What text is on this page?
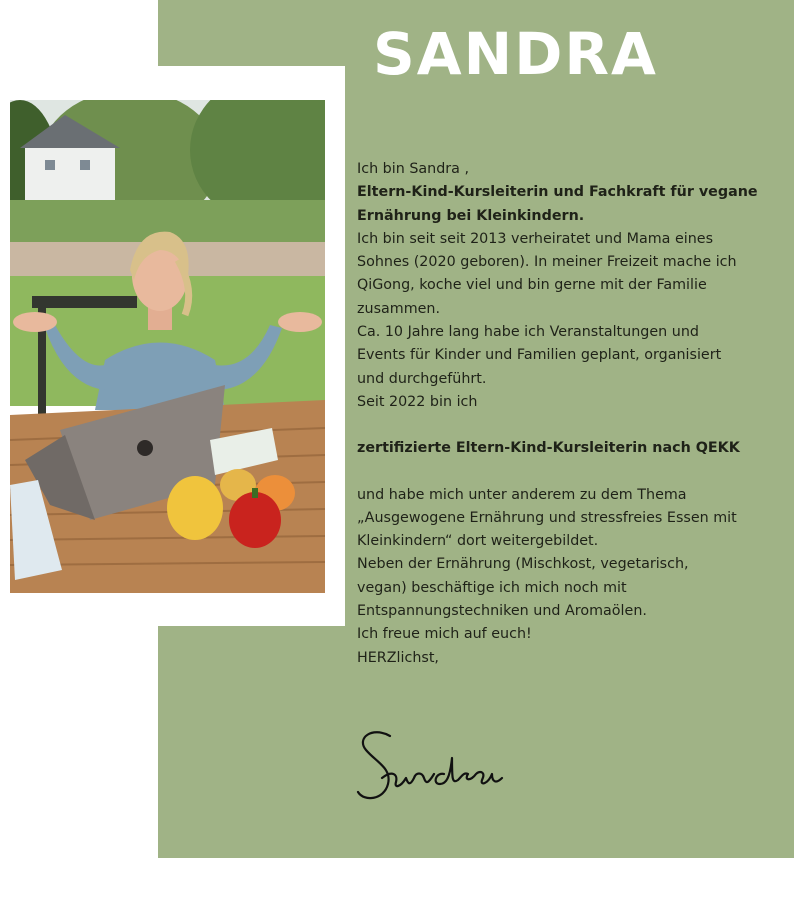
SANDRA

Ich bin Sandra ,

Eltern-Kind-Kursleiterin und Fachkraft für vegane Ernährung bei Kleinkindern.

Ich bin seit seit 2013 verheiratet und Mama eines

Sohnes (2020 geboren). In meiner Freizeit mache ich

QiGong, koche viel und bin gerne mit der Familie

zusammen.

Ca. 10 Jahre lang habe ich Veranstaltungen und

Events für Kinder und Familien geplant, organisiert

und durchgeführt.

Seit 2022 bin ich

zertifizierte Eltern-Kind-Kursleiterin nach QEKK

und habe mich unter anderem zu dem Thema

„Ausgewogene Ernährung und stressfreies Essen mit

Kleinkindern“ dort weitergebildet.

Neben der Ernährung (Mischkost, vegetarisch,

vegan) beschäftige ich mich noch mit

Entspannungstechniken und Aromaölen.

Ich freue mich auf euch!

HERZlichst,
